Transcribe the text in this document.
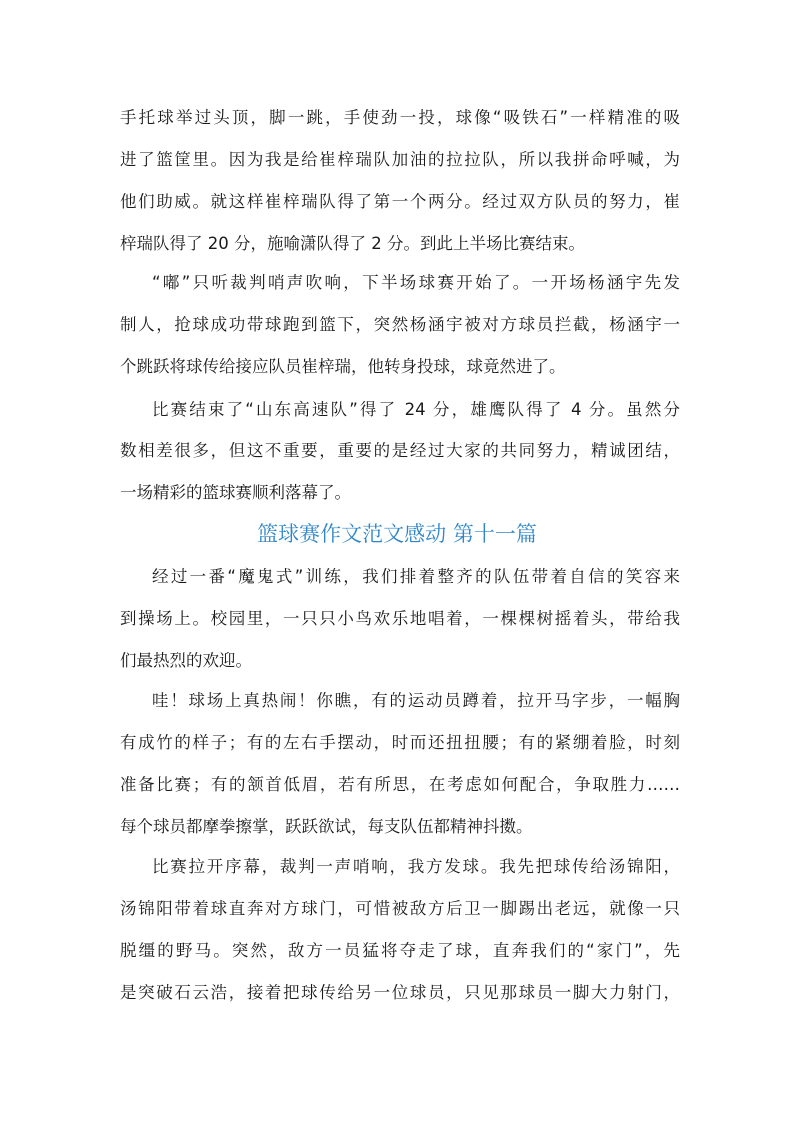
手托球举过头顶，脚一跳，手使劲一投，球像“吸铁石”一样精准的吸
进了篮筐里。因为我是给崔梓瑞队加油的拉拉队，所以我拼命呼喊，为
他们助威。就这样崔梓瑞队得了第一个两分。经过双方队员的努力，崔
梓瑞队得了 20 分，施喻潇队得了 2 分。到此上半场比赛结束。
“嘟”只听裁判哨声吹响，下半场球赛开始了。一开场杨涵宇先发
制人，抢球成功带球跑到篮下，突然杨涵宇被对方球员拦截，杨涵宇一
个跳跃将球传给接应队员崔梓瑞，他转身投球，球竟然进了。
比赛结束了“山东高速队”得了 24 分，雄鹰队得了 4 分。虽然分
数相差很多，但这不重要，重要的是经过大家的共同努力，精诚团结，
一场精彩的篮球赛顺利落幕了。
篮球赛作文范文感动 第十一篇
经过一番“魔鬼式”训练，我们排着整齐的队伍带着自信的笑容来
到操场上。校园里，一只只小鸟欢乐地唱着，一棵棵树摇着头，带给我
们最热烈的欢迎。
哇！球场上真热闹！你瞧，有的运动员蹲着，拉开马字步，一幅胸
有成竹的样子；有的左右手摆动，时而还扭扭腰；有的紧绷着脸，时刻
准备比赛；有的颔首低眉，若有所思，在考虑如何配合，争取胜力……
每个球员都摩拳擦掌，跃跃欲试，每支队伍都精神抖擞。
比赛拉开序幕，裁判一声哨响，我方发球。我先把球传给汤锦阳，
汤锦阳带着球直奔对方球门，可惜被敌方后卫一脚踢出老远，就像一只
脱缰的野马。突然，敌方一员猛将夺走了球，直奔我们的“家门”，先
是突破石云浩，接着把球传给另一位球员，只见那球员一脚大力射门，
